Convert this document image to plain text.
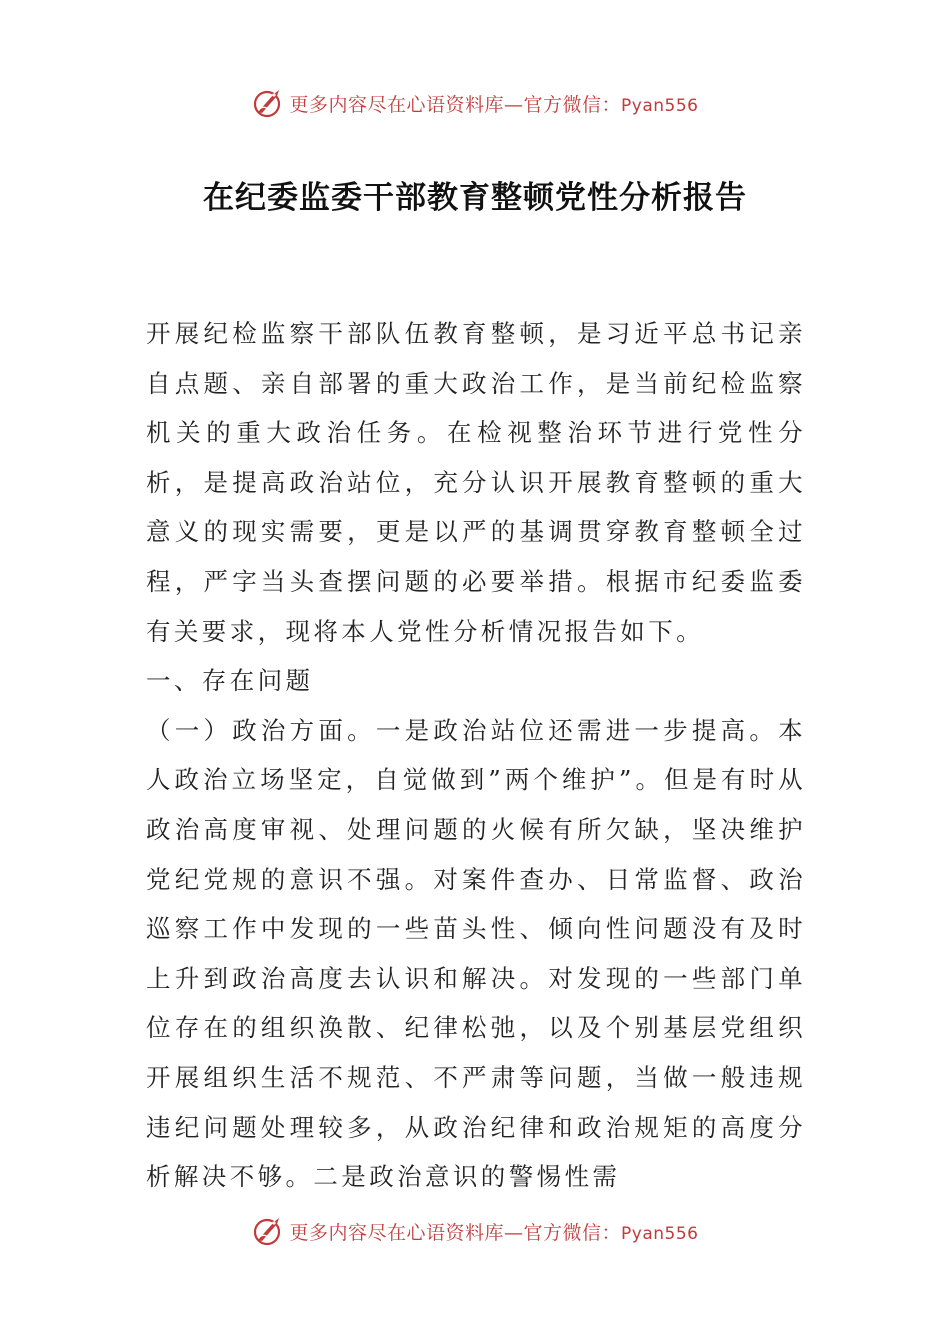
更多内容尽在心语资料库—官方微信：Pyan556
在纪委监委干部教育整顿党性分析报告

开展纪检监察干部队伍教育整顿，是习近平总书记亲自点题、亲自部署的重大政治工作，是当前纪检监察机关的重大政治任务。在检视整治环节进行党性分析，是提高政治站位，充分认识开展教育整顿的重大意义的现实需要，更是以严的基调贯穿教育整顿全过程，严字当头查摆问题的必要举措。根据市纪委监委有关要求，现将本人党性分析情况报告如下。

一、存在问题

（一）政治方面。一是政治站位还需进一步提高。本人政治立场坚定，自觉做到”两个维护”。但是有时从政治高度审视、处理问题的火候有所欠缺，坚决维护党纪党规的意识不强。对案件查办、日常监督、政治巡察工作中发现的一些苗头性、倾向性问题没有及时上升到政治高度去认识和解决。对发现的一些部门单位存在的组织涣散、纪律松弛，以及个别基层党组织开展组织生活不规范、不严肃等问题，当做一般违规违纪问题处理较多，从政治纪律和政治规矩的高度分析解决不够。二是政治意识的警惕性需

更多内容尽在心语资料库—官方微信：Pyan556
